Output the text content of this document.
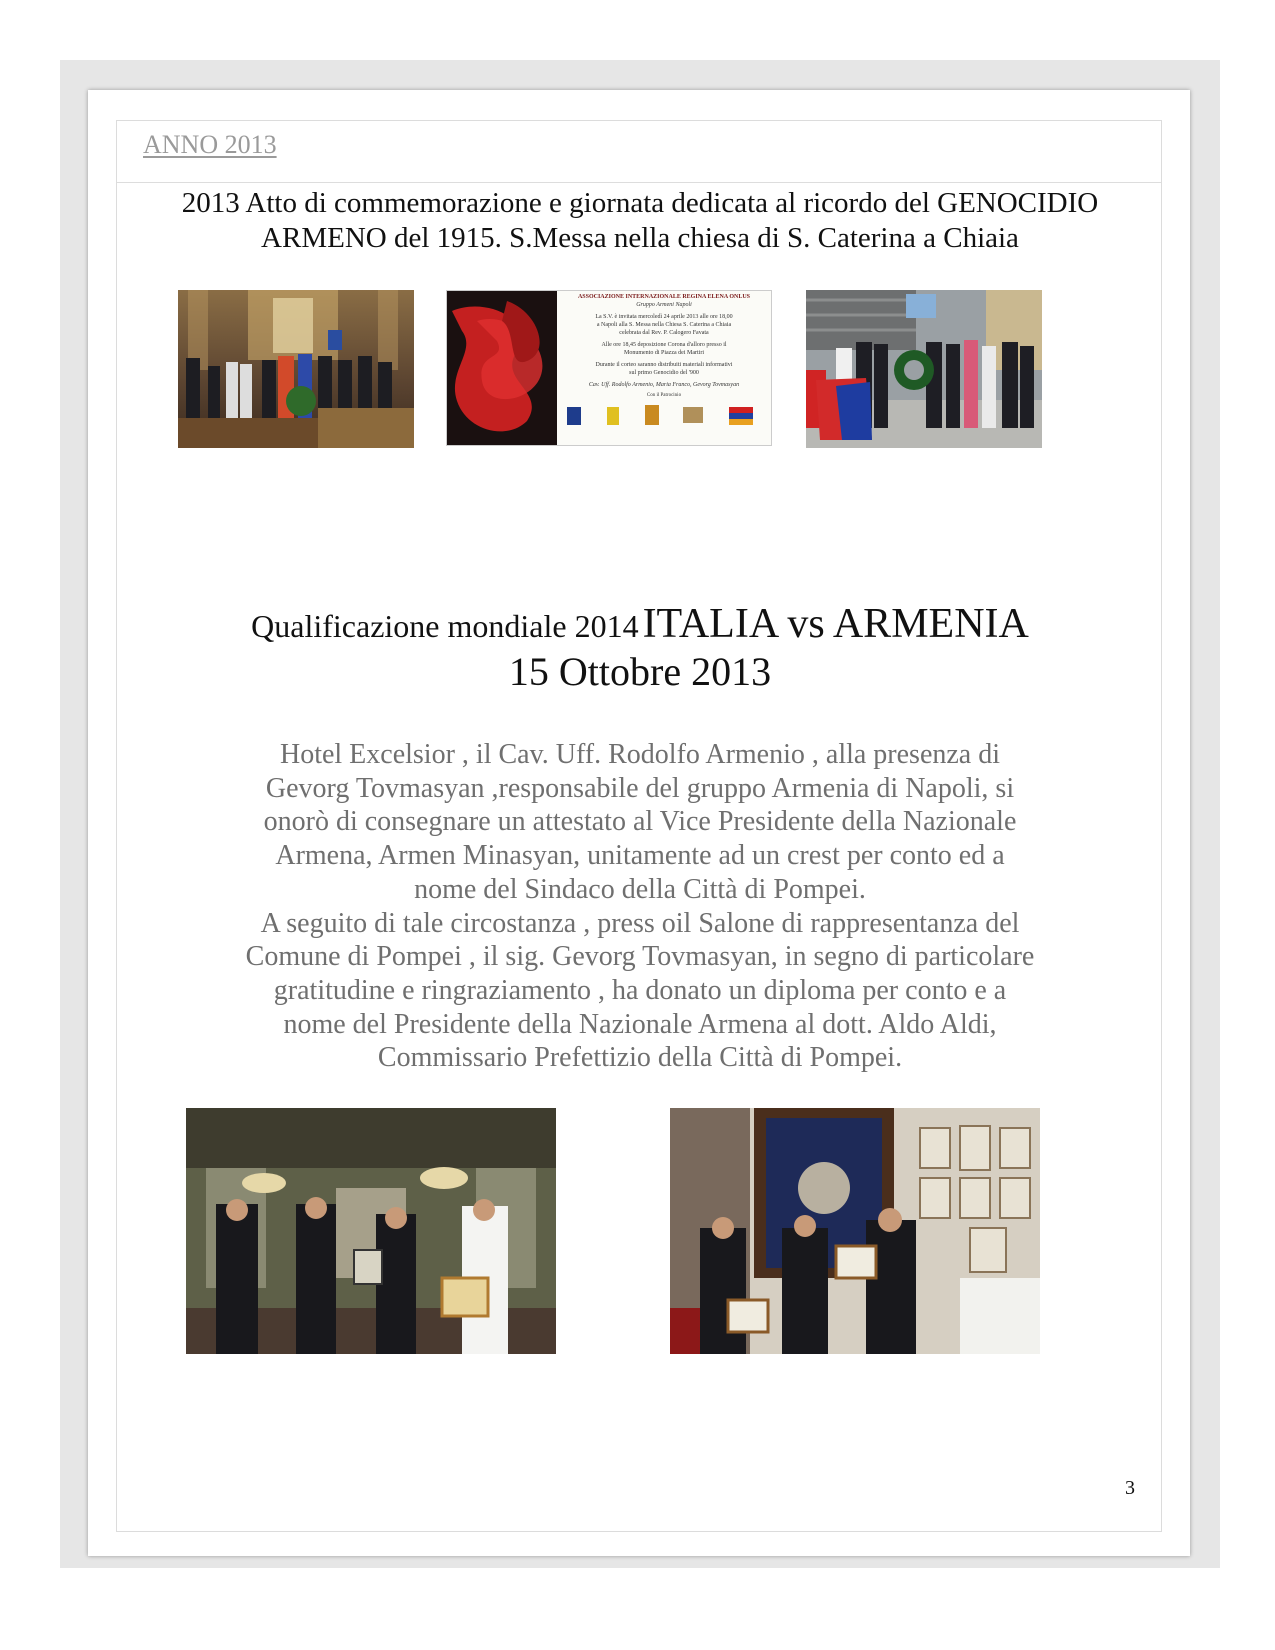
ANNO 2013
2013 Atto di commemorazione e giornata dedicata al ricordo del GENOCIDIO
ARMENO del 1915. S.Messa nella chiesa di S. Caterina a Chiaia
ASSOCIAZIONE INTERNAZIONALE REGINA ELENA ONLUS
Gruppo Armeni Napoli
La S.V. è invitata mercoledì 24 aprile 2013 alle ore 18,00
a Napoli alla S. Messa nella Chiesa S. Caterina a Chiaia
celebrata dal Rev. P. Calogero Favata
Alle ore 18,45 deposizione Corona d'alloro presso il
Monumento di Piazza dei Martiri
Durante il corteo saranno distribuiti materiali informativi
sul primo Genocidio del '900
Cav. Uff. Rodolfo Armenio, Maria Franco, Gevorg Tovmasyan
Con il Patrocinio
Qualificazione mondiale 2014 ITALIA vs ARMENIA
15 Ottobre 2013
Hotel Excelsior , il Cav. Uff. Rodolfo Armenio , alla presenza di
Gevorg Tovmasyan ,responsabile del gruppo Armenia di Napoli, si
onorò di consegnare un attestato al Vice Presidente della Nazionale
Armena, Armen Minasyan, unitamente ad un crest per conto ed a
nome del Sindaco della Città di Pompei.
A seguito di tale circostanza , press oil Salone di rappresentanza del
Comune di Pompei , il sig. Gevorg Tovmasyan, in segno di particolare
gratitudine e ringraziamento , ha donato un diploma per conto e a
nome del Presidente della Nazionale Armena al dott. Aldo Aldi,
Commissario Prefettizio della Città di Pompei.
3
